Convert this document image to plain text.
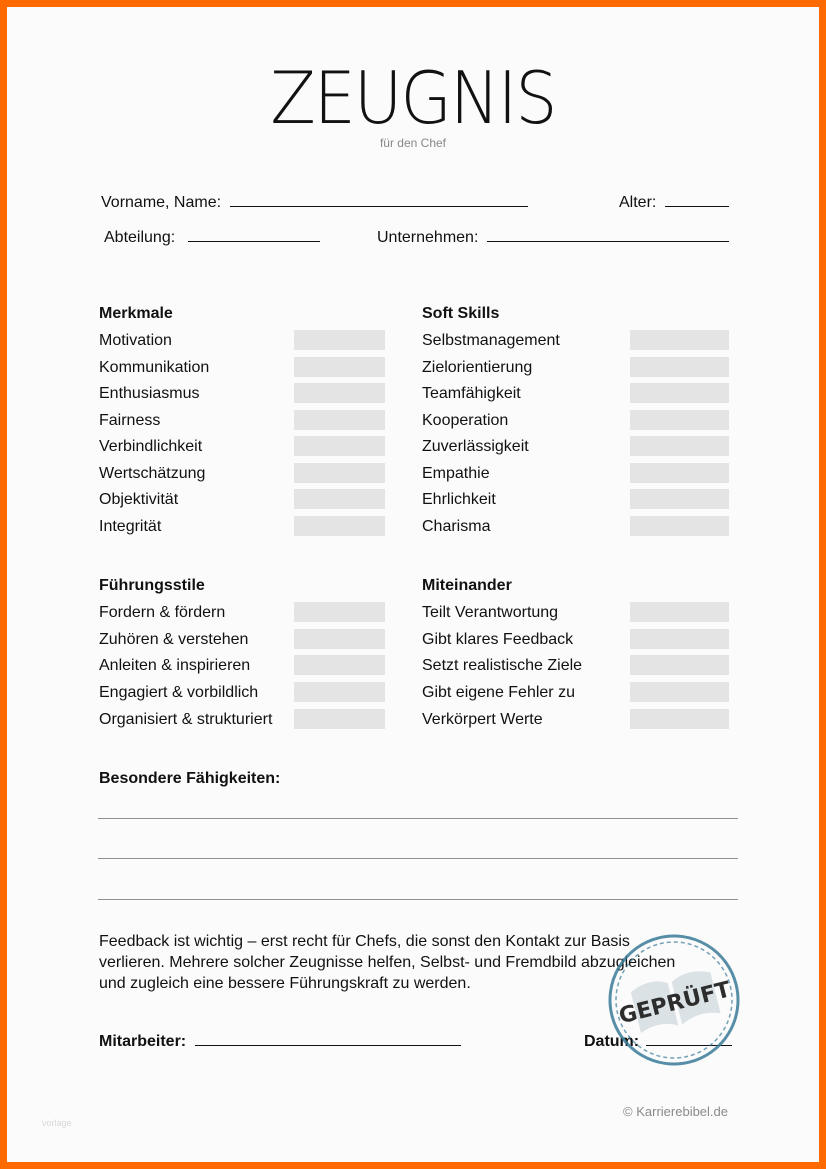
ZEUGNIS
für den Chef
Vorname, Name:	Alter:
Abteilung:	Unternehmen:
Merkmale
Motivation
Kommunikation
Enthusiasmus
Fairness
Verbindlichkeit
Wertschätzung
Objektivität
Integrität
Soft Skills
Selbstmanagement
Zielorientierung
Teamfähigkeit
Kooperation
Zuverlässigkeit
Empathie
Ehrlichkeit
Charisma
Führungsstile
Fordern & fördern
Zuhören & verstehen
Anleiten & inspirieren
Engagiert & vorbildlich
Organisiert & strukturiert
Miteinander
Teilt Verantwortung
Gibt klares Feedback
Setzt realistische Ziele
Gibt eigene Fehler zu
Verkörpert Werte
Besondere Fähigkeiten:
Feedback ist wichtig – erst recht für Chefs, die sonst den Kontakt zur Basis
verlieren. Mehrere solcher Zeugnisse helfen, Selbst- und Fremdbild abzugleichen
und zugleich eine bessere Führungskraft zu werden.
Mitarbeiter:	Datum:
GEPRÜFT
© Karrierebibel.de
vorlage
